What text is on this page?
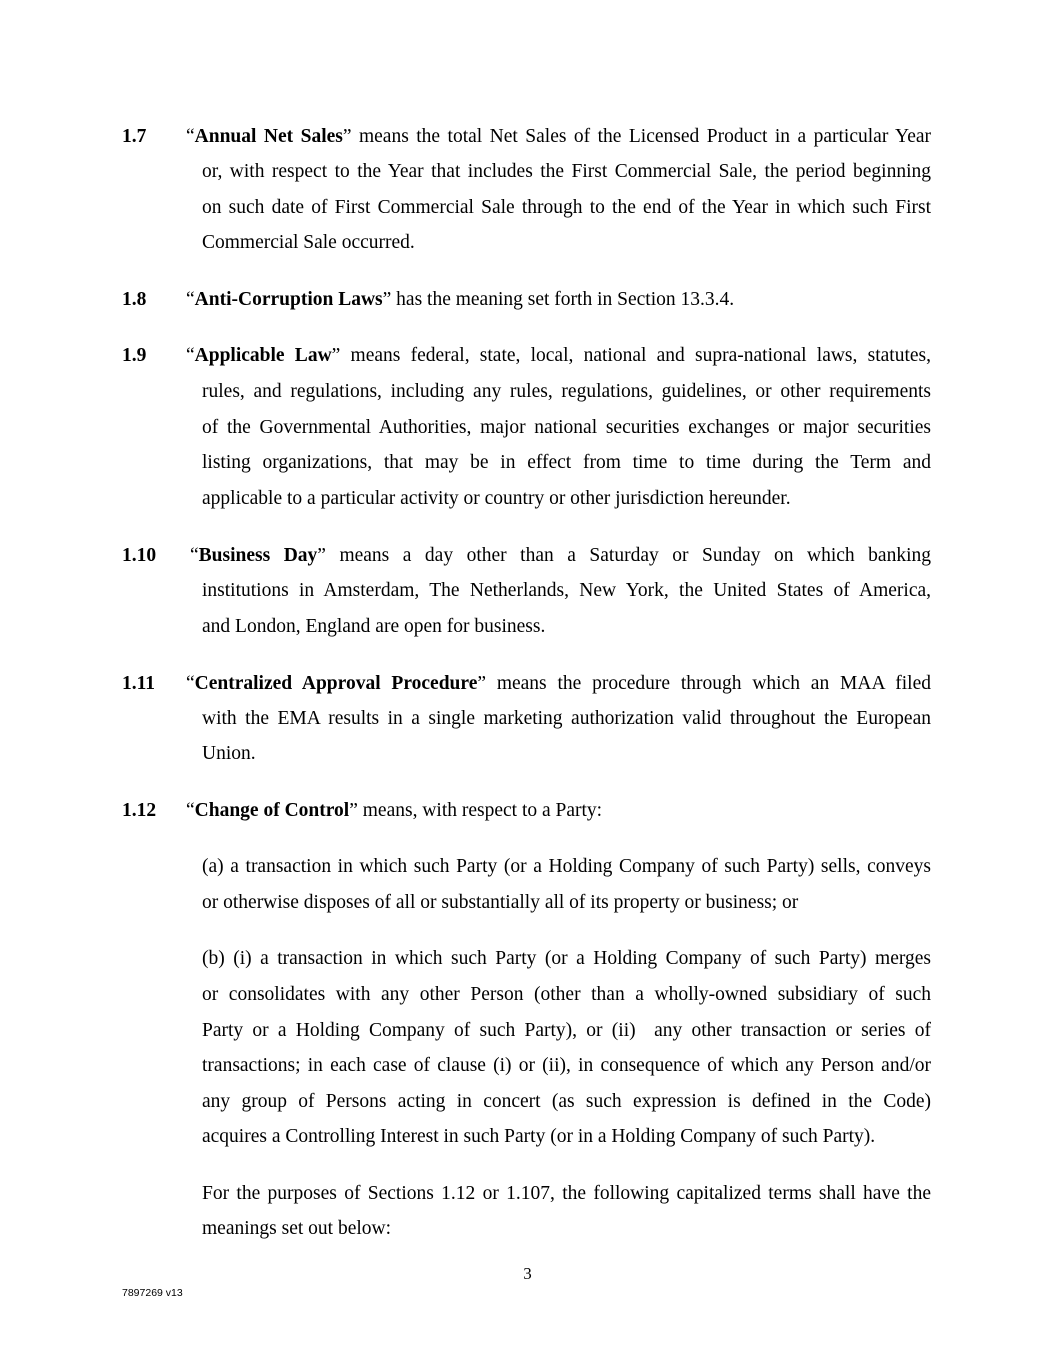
1.7 “Annual Net Sales” means the total Net Sales of the Licensed Product in a particular Year
or, with respect to the Year that includes the First Commercial Sale, the period beginning
on such date of First Commercial Sale through to the end of the Year in which such First
Commercial Sale occurred.
1.8 “Anti-Corruption Laws” has the meaning set forth in Section 13.3.4.
1.9 “Applicable Law” means federal, state, local, national and supra-national laws, statutes,
rules, and regulations, including any rules, regulations, guidelines, or other requirements
of the Governmental Authorities, major national securities exchanges or major securities
listing organizations, that may be in effect from time to time during the Term and
applicable to a particular activity or country or other jurisdiction hereunder.
1.10 “Business Day” means a day other than a Saturday or Sunday on which banking
institutions in Amsterdam, The Netherlands, New York, the United States of America,
and London, England are open for business.
1.11 “Centralized Approval Procedure” means the procedure through which an MAA filed
with the EMA results in a single marketing authorization valid throughout the European
Union.
1.12 “Change of Control” means, with respect to a Party:
(a) a transaction in which such Party (or a Holding Company of such Party) sells, conveys
or otherwise disposes of all or substantially all of its property or business; or
(b) (i) a transaction in which such Party (or a Holding Company of such Party) merges
or consolidates with any other Person (other than a wholly-owned subsidiary of such
Party or a Holding Company of such Party), or (ii)  any other transaction or series of
transactions; in each case of clause (i) or (ii), in consequence of which any Person and/or
any group of Persons acting in concert (as such expression is defined in the Code)
acquires a Controlling Interest in such Party (or in a Holding Company of such Party).
For the purposes of Sections 1.12 or 1.107, the following capitalized terms shall have the
meanings set out below:
3
7897269 v13
